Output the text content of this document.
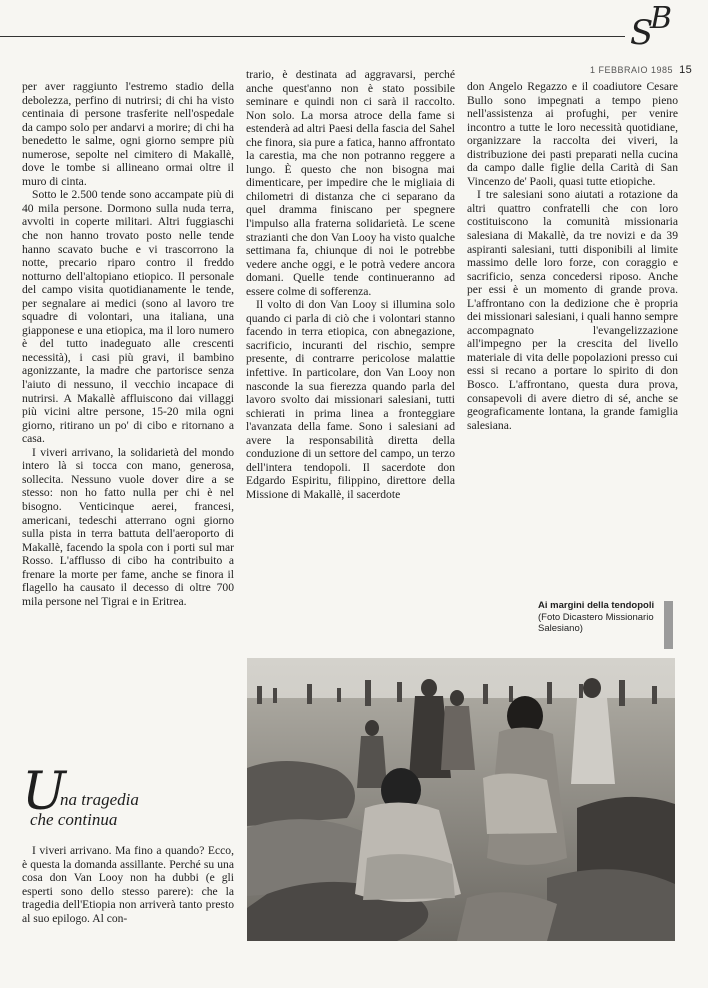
S
B
1 FEBBRAIO 1985 15

per aver raggiunto l'estremo stadio della debolezza, perfino di nutrirsi; di chi ha visto centinaia di persone trasferite nell'ospedale da campo solo per andarvi a morire; di chi ha benedetto le salme, ogni giorno sempre più numerose, sepolte nel cimitero di Makallè, dove le tombe si allineano ormai oltre il muro di cinta.

Sotto le 2.500 tende sono accampate più di 40 mila persone. Dormono sulla nuda terra, avvolti in coperte militari. Altri fuggiaschi che non hanno trovato posto nelle tende hanno scavato buche e vi trascorrono la notte, precario riparo contro il freddo notturno dell'altopiano etiopico. Il personale del campo visita quotidianamente le tende, per segnalare ai medici (sono al lavoro tre squadre di volontari, una italiana, una giapponese e una etiopica, ma il loro numero è del tutto inadeguato alle crescenti necessità), i casi più gravi, il bambino agonizzante, la madre che partorisce senza l'aiuto di nessuno, il vecchio incapace di nutrirsi. A Makallè affluiscono dai villaggi più vicini altre persone, 15-20 mila ogni giorno, ritirano un po' di cibo e ritornano a casa.

I viveri arrivano, la solidarietà del mondo intero là si tocca con mano, generosa, sollecita. Nessuno vuole dover dire a se stesso: non ho fatto nulla per chi è nel bisogno. Venticinque aerei, francesi, americani, tedeschi atterrano ogni giorno sulla pista in terra battuta dell'aeroporto di Makallè, facendo la spola con i porti sul mar Rosso. L'afflusso di cibo ha contribuito a frenare la morte per fame, anche se finora il flagello ha causato il decesso di oltre 700 mila persone nel Tigrai e in Eritrea.

U
na tragedia
che continua

I viveri arrivano. Ma fino a quando? Ecco, è questa la domanda assillante. Perché su una cosa don Van Looy non ha dubbi (e gli esperti sono dello stesso parere): che la tragedia dell'Etiopia non arriverà tanto presto al suo epilogo. Al con-

trario, è destinata ad aggravarsi, perché anche quest'anno non è stato possibile seminare e quindi non ci sarà il raccolto. Non solo. La morsa atroce della fame si estenderà ad altri Paesi della fascia del Sahel che finora, sia pure a fatica, hanno affrontato la carestia, ma che non potranno reggere a lungo. È questo che non bisogna mai dimenticare, per impedire che le migliaia di chilometri di distanza che ci separano da quel dramma finiscano per spegnere l'impulso alla fraterna solidarietà. Le scene strazianti che don Van Looy ha visto qualche settimana fa, chiunque di noi le potrebbe vedere anche oggi, e le potrà vedere ancora domani. Quelle tende continueranno ad essere colme di sofferenza.

Il volto di don Van Looy si illumina solo quando ci parla di ciò che i volontari stanno facendo in terra etiopica, con abnegazione, sacrificio, incuranti del rischio, sempre presente, di contrarre pericolose malattie infettive. In particolare, don Van Looy non nasconde la sua fierezza quando parla del lavoro svolto dai missionari salesiani, tutti schierati in prima linea a fronteggiare l'avanzata della fame. Sono i salesiani ad avere la responsabilità diretta della conduzione di un settore del campo, un terzo dell'intera tendopoli. Il sacerdote don Edgardo Espiritu, filippino, direttore della Missione di Makallè, il sacerdote

don Angelo Regazzo e il coadiutore Cesare Bullo sono impegnati a tempo pieno nell'assistenza ai profughi, per venire incontro a tutte le loro necessità quotidiane, organizzare la raccolta dei viveri, la distribuzione dei pasti preparati nella cucina da campo dalle figlie della Carità di San Vincenzo de' Paoli, quasi tutte etiopiche.

I tre salesiani sono aiutati a rotazione da altri quattro confratelli che con loro costituiscono la comunità missionaria salesiana di Makallè, da tre novizi e da 39 aspiranti salesiani, tutti disponibili al limite massimo delle loro forze, con coraggio e sacrificio, senza concedersi riposo. Anche per essi è un momento di grande prova. L'affrontano con la dedizione che è propria dei missionari salesiani, i quali hanno sempre accompagnato l'evangelizzazione all'impegno per la crescita del livello materiale di vita delle popolazioni presso cui essi si recano a portare lo spirito di don Bosco. L'affrontano, questa dura prova, consapevoli di avere dietro di sé, anche se geograficamente lontana, la grande famiglia salesiana.

Ai margini della tendopoli
(Foto Dicastero Missionario Salesiano)
